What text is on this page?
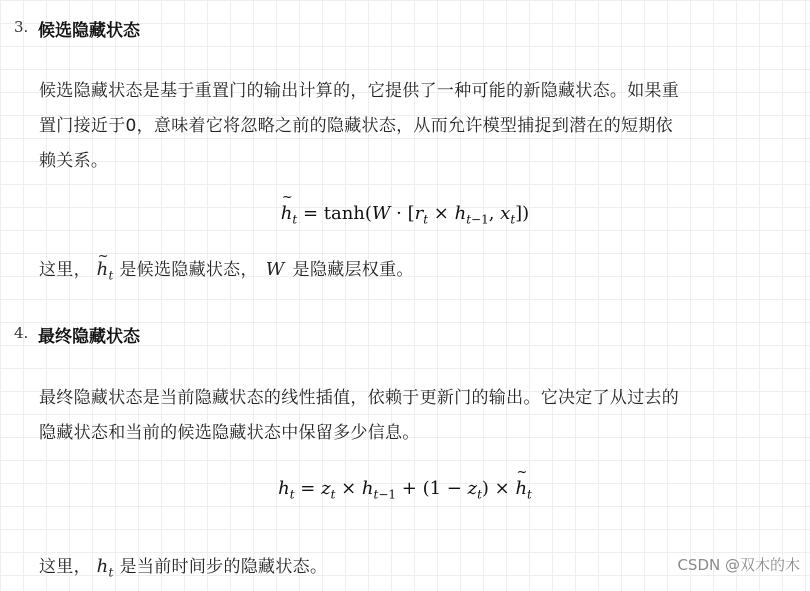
3. 候选隐藏状态
候选隐藏状态是基于重置门的输出计算的，它提供了一种可能的新隐藏状态。如果重
置门接近于0，意味着它将忽略之前的隐藏状态，从而允许模型捕捉到潜在的短期依
赖关系。
~ $h_t = \tanh(W \cdot [r_t \times h_{t-1}$, $x_t$])
这里， ~ $h_t$ 是候选隐藏状态， W 是隐藏层权重。
4. 最终隐藏状态
最终隐藏状态是当前隐藏状态的线性插值，依赖于更新门的输出。它决定了从过去的
隐藏状态和当前的候选隐藏状态中保留多少信息。
$h_t = z_t \times h_{t-1} + (1 - z_t)$ × ~ $h_t$
这里， $h_t$ 是当前时间步的隐藏状态。	CSDN @双木的木
